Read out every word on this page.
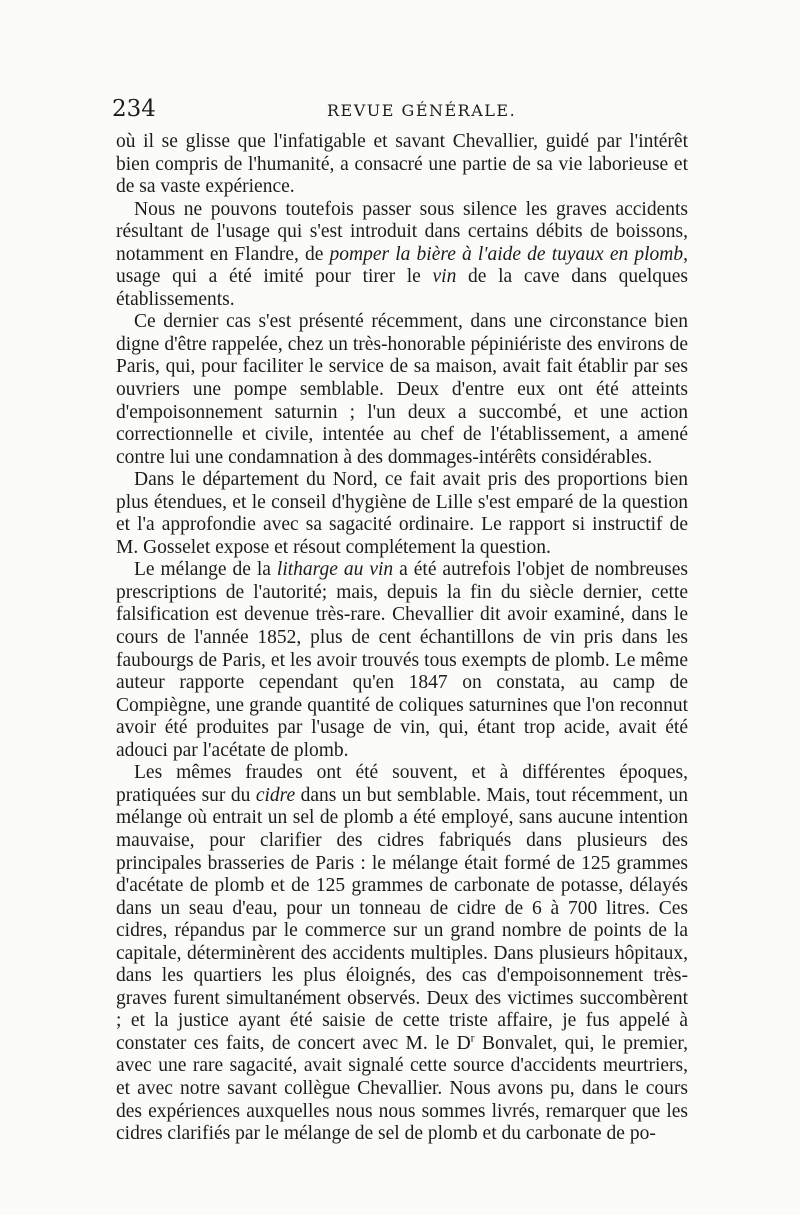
234	REVUE GÉNÉRALE.

où il se glisse que l'infatigable et savant Chevallier, guidé par l'intérêt bien compris de l'humanité, a consacré une partie de sa vie laborieuse et de sa vaste expérience.

Nous ne pouvons toutefois passer sous silence les graves accidents résultant de l'usage qui s'est introduit dans certains débits de boissons, notamment en Flandre, de pomper la bière à l'aide de tuyaux en plomb, usage qui a été imité pour tirer le vin de la cave dans quelques établissements.

Ce dernier cas s'est présenté récemment, dans une circonstance bien digne d'être rappelée, chez un très-honorable pépiniériste des environs de Paris, qui, pour faciliter le service de sa maison, avait fait établir par ses ouvriers une pompe semblable. Deux d'entre eux ont été atteints d'empoisonnement saturnin ; l'un deux a succombé, et une action correctionnelle et civile, intentée au chef de l'établissement, a amené contre lui une condamnation à des dommages-intérêts considérables.

Dans le département du Nord, ce fait avait pris des proportions bien plus étendues, et le conseil d'hygiène de Lille s'est emparé de la question et l'a approfondie avec sa sagacité ordinaire. Le rapport si instructif de M. Gosselet expose et résout complétement la question.

Le mélange de la litharge au vin a été autrefois l'objet de nombreuses prescriptions de l'autorité; mais, depuis la fin du siècle dernier, cette falsification est devenue très-rare. Chevallier dit avoir examiné, dans le cours de l'année 1852, plus de cent échantillons de vin pris dans les faubourgs de Paris, et les avoir trouvés tous exempts de plomb. Le même auteur rapporte cependant qu'en 1847 on constata, au camp de Compiègne, une grande quantité de coliques saturnines que l'on reconnut avoir été produites par l'usage de vin, qui, étant trop acide, avait été adouci par l'acétate de plomb.

Les mêmes fraudes ont été souvent, et à différentes époques, pratiquées sur du cidre dans un but semblable. Mais, tout récemment, un mélange où entrait un sel de plomb a été employé, sans aucune intention mauvaise, pour clarifier des cidres fabriqués dans plusieurs des principales brasseries de Paris : le mélange était formé de 125 grammes d'acétate de plomb et de 125 grammes de carbonate de potasse, délayés dans un seau d'eau, pour un tonneau de cidre de 6 à 700 litres. Ces cidres, répandus par le commerce sur un grand nombre de points de la capitale, déterminèrent des accidents multiples. Dans plusieurs hôpitaux, dans les quartiers les plus éloignés, des cas d'empoisonnement très-graves furent simultanément observés. Deux des victimes succombèrent ; et la justice ayant été saisie de cette triste affaire, je fus appelé à constater ces faits, de concert avec M. le $D^r$ Bonvalet, qui, le premier, avec une rare sagacité, avait signalé cette source d'accidents meurtriers, et avec notre savant collègue Chevallier. Nous avons pu, dans le cours des expériences auxquelles nous nous sommes livrés, remarquer que les cidres clarifiés par le mélange de sel de plomb et du carbonate de po-
